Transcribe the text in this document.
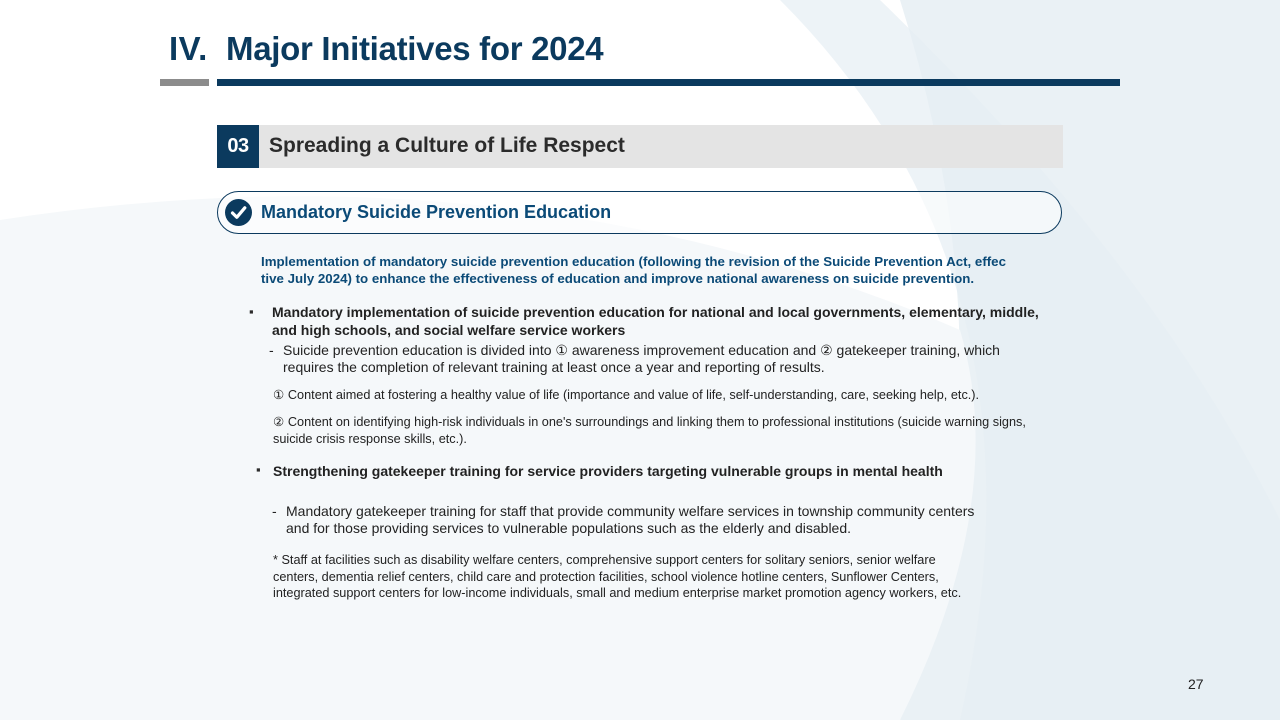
IV. Major Initiatives for 2024
03 Spreading a Culture of Life Respect
Mandatory Suicide Prevention Education
Implementation of mandatory suicide prevention education (following the revision of the Suicide Prevention Act, effec
tive July 2024) to enhance the effectiveness of education and improve national awareness on suicide prevention.
▪ Mandatory implementation of suicide prevention education for national and local governments, elementary, middle,
and high schools, and social welfare service workers
- Suicide prevention education is divided into ① awareness improvement education and ② gatekeeper training, which
requires the completion of relevant training at least once a year and reporting of results.
① Content aimed at fostering a healthy value of life (importance and value of life, self-understanding, care, seeking help, etc.).
② Content on identifying high-risk individuals in one's surroundings and linking them to professional institutions (suicide warning signs,
suicide crisis response skills, etc.).
▪ Strengthening gatekeeper training for service providers targeting vulnerable groups in mental health
- Mandatory gatekeeper training for staff that provide community welfare services in township community centers
and for those providing services to vulnerable populations such as the elderly and disabled.
* Staff at facilities such as disability welfare centers, comprehensive support centers for solitary seniors, senior welfare
centers, dementia relief centers, child care and protection facilities, school violence hotline centers, Sunflower Centers,
integrated support centers for low-income individuals, small and medium enterprise market promotion agency workers, etc.
27
